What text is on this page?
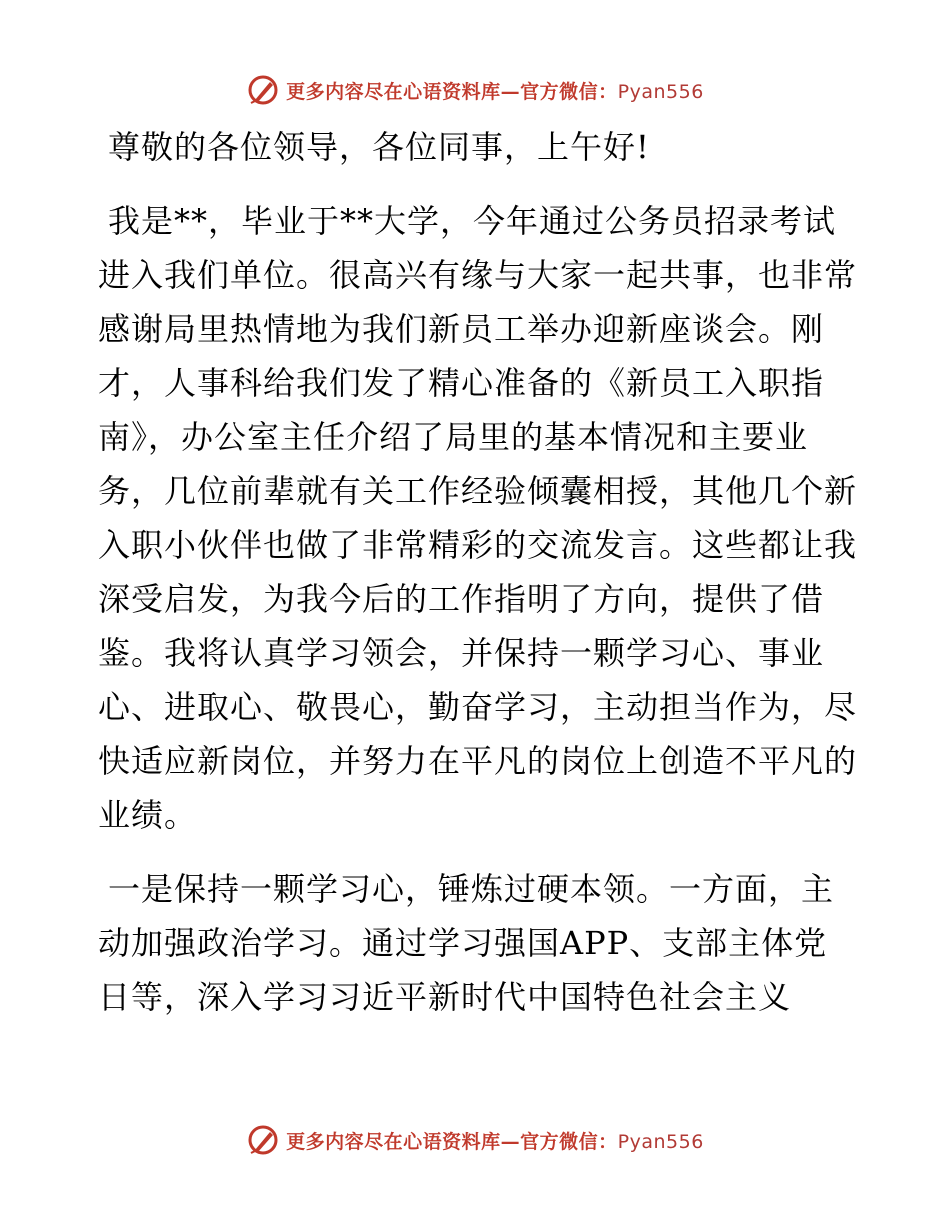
更多内容尽在心语资料库—官方微信：Pyan556

尊敬的各位领导，各位同事，上午好!

我是**，毕业于**大学，今年通过公务员招录考试进入我们单位。很高兴有缘与大家一起共事，也非常感谢局里热情地为我们新员工举办迎新座谈会。刚才，人事科给我们发了精心准备的《新员工入职指南》，办公室主任介绍了局里的基本情况和主要业务，几位前辈就有关工作经验倾囊相授，其他几个新入职小伙伴也做了非常精彩的交流发言。这些都让我深受启发，为我今后的工作指明了方向，提供了借鉴。我将认真学习领会，并保持一颗学习心、事业心、进取心、敬畏心，勤奋学习，主动担当作为，尽快适应新岗位，并努力在平凡的岗位上创造不平凡的业绩。

一是保持一颗学习心，锤炼过硬本领。一方面，主动加强政治学习。通过学习强国APP、支部主体党日等，深入学习习近平新时代中国特色社会主义

更多内容尽在心语资料库—官方微信：Pyan556
